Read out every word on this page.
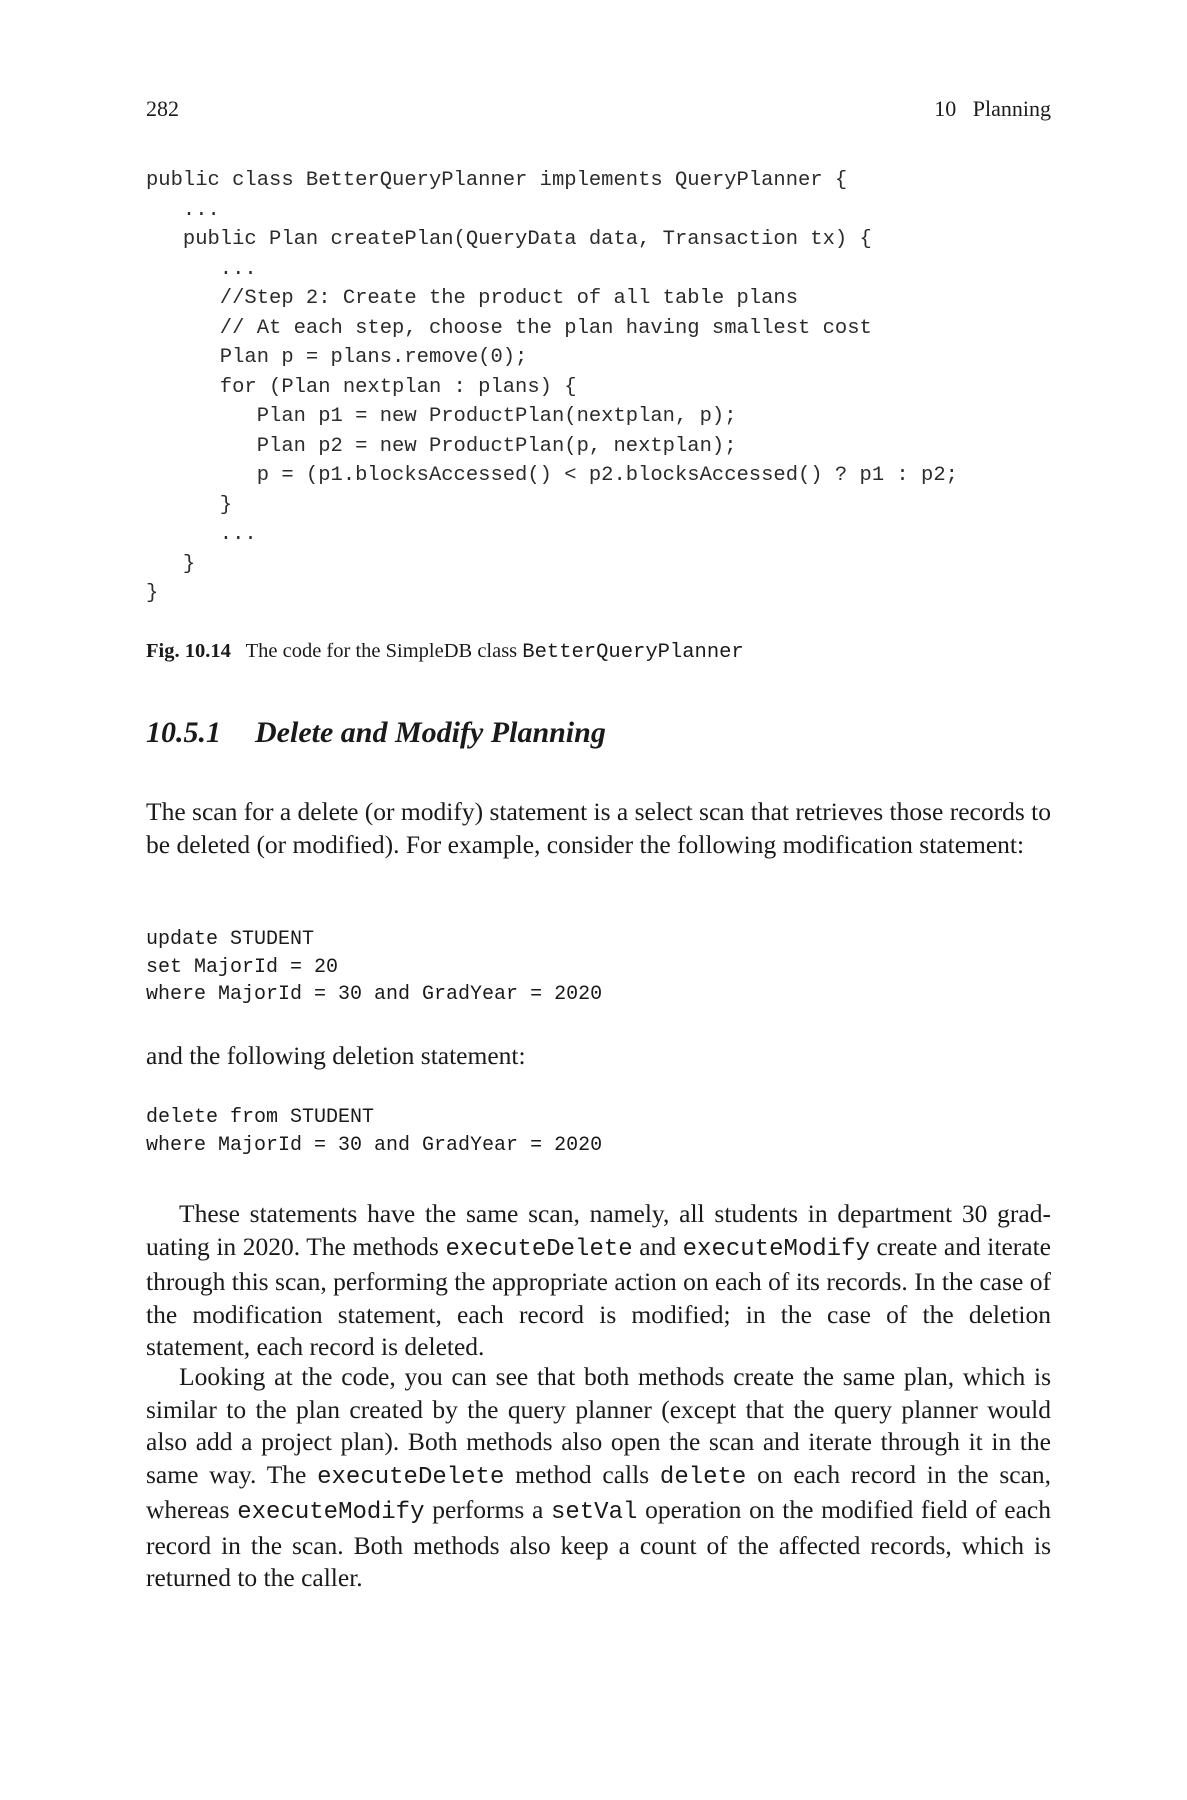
282	10   Planning
public class BetterQueryPlanner implements QueryPlanner {
...
public Plan createPlan(QueryData data, Transaction tx) {
...
//Step 2: Create the product of all table plans
// At each step, choose the plan having smallest cost
Plan p = plans.remove(0);
for (Plan nextplan : plans) {
Plan p1 = new ProductPlan(nextplan, p);
Plan p2 = new ProductPlan(p, nextplan);
p = (p1.blocksAccessed() < p2.blocksAccessed() ? p1 : p2;
}
...
}
}
Fig. 10.14 The code for the SimpleDB class BetterQueryPlanner
10.5.1 Delete and Modify Planning

The scan for a delete (or modify) statement is a select scan that retrieves those records to be deleted (or modified). For example, consider the following modification statement:

update STUDENT
set MajorId = 20
where MajorId = 30 and GradYear = 2020

and the following deletion statement:

delete from STUDENT
where MajorId = 30 and GradYear = 2020

These statements have the same scan, namely, all students in department 30 graduating in 2020. The methods executeDelete and executeModify create and iterate through this scan, performing the appropriate action on each of its records. In the case of the modification statement, each record is modified; in the case of the deletion statement, each record is deleted.

Looking at the code, you can see that both methods create the same plan, which is similar to the plan created by the query planner (except that the query planner would also add a project plan). Both methods also open the scan and iterate through it in the same way. The executeDelete method calls delete on each record in the scan, whereas executeModify performs a setVal operation on the modified field of each record in the scan. Both methods also keep a count of the affected records, which is returned to the caller.
